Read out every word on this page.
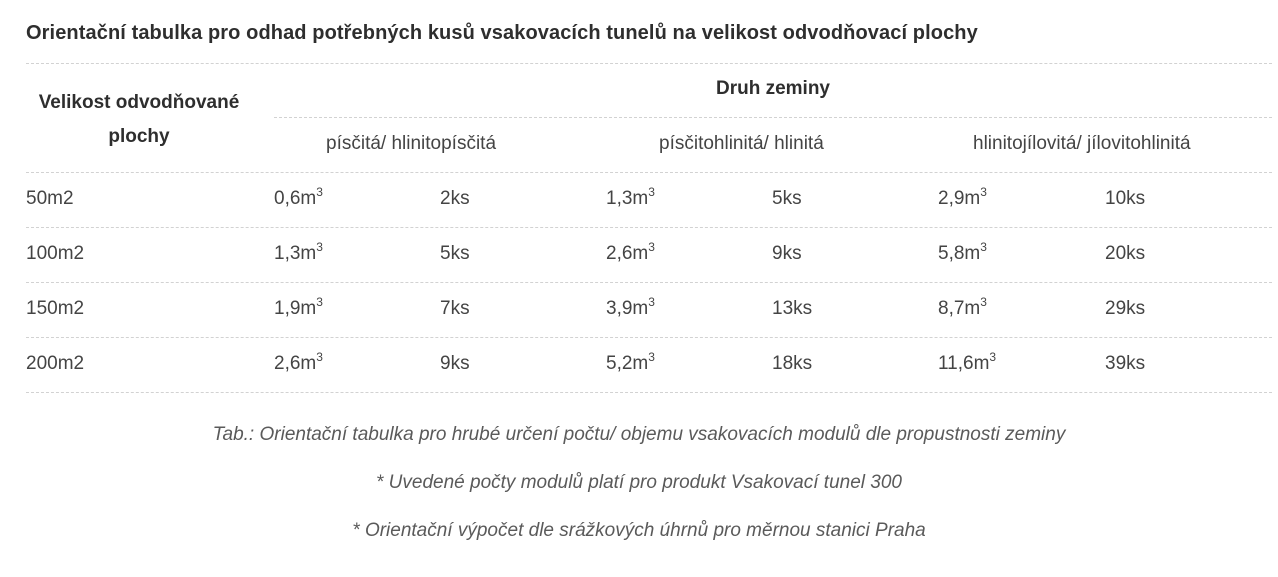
Orientační tabulka pro odhad potřebných kusů vsakovacích tunelů na velikost odvodňovací plochy
Velikost odvodňované
plochy
Druh zeminy
písčitá/ hlinitopísčitá	písčitohlinitá/ hlinitá	hlinitojílovitá/ jílovitohlinitá
50m2	$0,6m^3$	2ks	$1,3m^3$	5ks	$2,9m^3$	10ks
100m2	$1,3m^3$	5ks	$2,6m^3$	9ks	$5,8m^3$	20ks
150m2	$1,9m^3$	7ks	$3,9m^3$	13ks	$8,7m^3$	29ks
200m2	$2,6m^3$	9ks	$5,2m^3$	18ks	$11,6m^3$	39ks
Tab.: Orientační tabulka pro hrubé určení počtu/ objemu vsakovacích modulů dle propustnosti zeminy
* Uvedené počty modulů platí pro produkt Vsakovací tunel 300
* Orientační výpočet dle srážkových úhrnů pro měrnou stanici Praha
